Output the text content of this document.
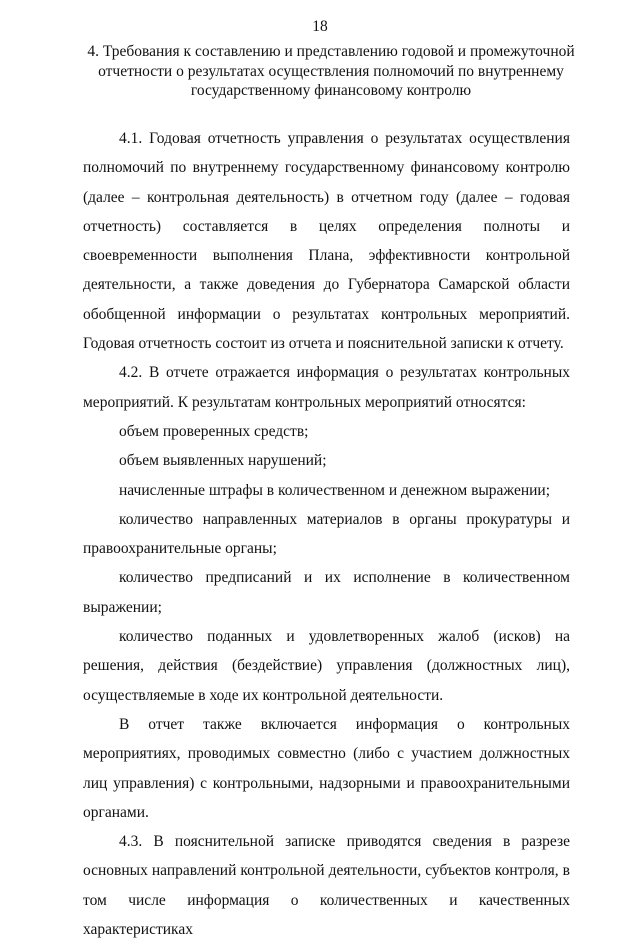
18
4. Требования к составлению и представлению годовой и промежуточной отчетности о результатах осуществления полномочий по внутреннему государственному финансовому контролю

4.1. Годовая отчетность управления о результатах осуществления полномочий по внутреннему государственному финансовому контролю (далее – контрольная деятельность) в отчетном году (далее – годовая отчетность) составляется в целях определения полноты и своевременности выполнения Плана, эффективности контрольной деятельности, а также доведения до Губернатора Самарской области обобщенной информации о результатах контрольных мероприятий. Годовая отчетность состоит из отчета и пояснительной записки к отчету.

4.2. В отчете отражается информация о результатах контрольных мероприятий. К результатам контрольных мероприятий относятся:

объем проверенных средств;

объем выявленных нарушений;

начисленные штрафы в количественном и денежном выражении;

количество направленных материалов в органы прокуратуры и правоохранительные органы;

количество предписаний и их исполнение в количественном выражении;

количество поданных и удовлетворенных жалоб (исков) на решения, действия (бездействие) управления (должностных лиц), осуществляемые в ходе их контрольной деятельности.

В отчет также включается информация о контрольных мероприятиях, проводимых совместно (либо с участием должностных лиц управления) с контрольными, надзорными и правоохранительными органами.

4.3. В пояснительной записке приводятся сведения в разрезе основных направлений контрольной деятельности, субъектов контроля, в том числе информация о количественных и качественных характеристиках
